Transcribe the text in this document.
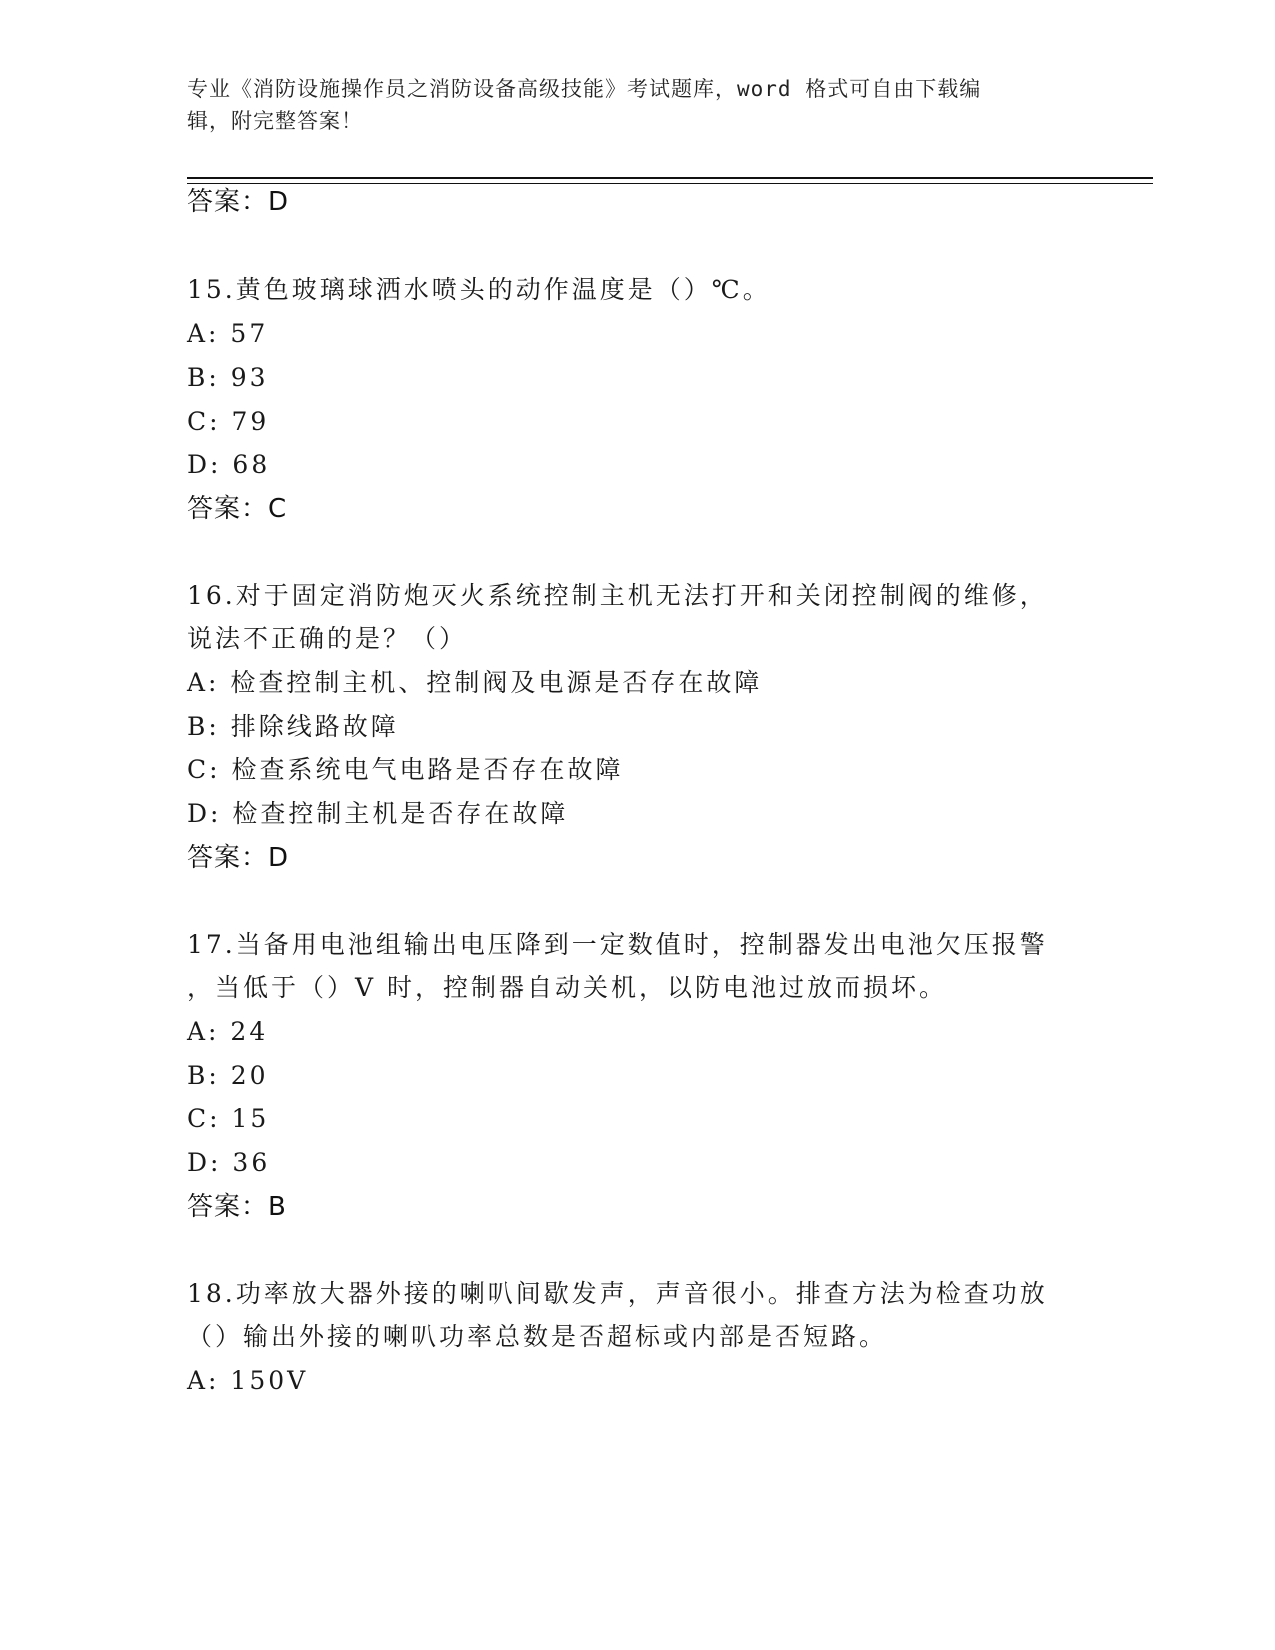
专业《消防设施操作员之消防设备高级技能》考试题库，word 格式可自由下载编
辑，附完整答案！
答案：D
15.黄色玻璃球洒水喷头的动作温度是（）℃。
A: 57
B: 93
C: 79
D: 68
答案：C
16.对于固定消防炮灭火系统控制主机无法打开和关闭控制阀的维修，
说法不正确的是？（）
A: 检查控制主机、控制阀及电源是否存在故障
B: 排除线路故障
C: 检查系统电气电路是否存在故障
D: 检查控制主机是否存在故障
答案：D
17.当备用电池组输出电压降到一定数值时，控制器发出电池欠压报警
，当低于（）V 时，控制器自动关机，以防电池过放而损坏。
A: 24
B: 20
C: 15
D: 36
答案：B
18.功率放大器外接的喇叭间歇发声，声音很小。排查方法为检查功放
（）输出外接的喇叭功率总数是否超标或内部是否短路。
A: 150V
